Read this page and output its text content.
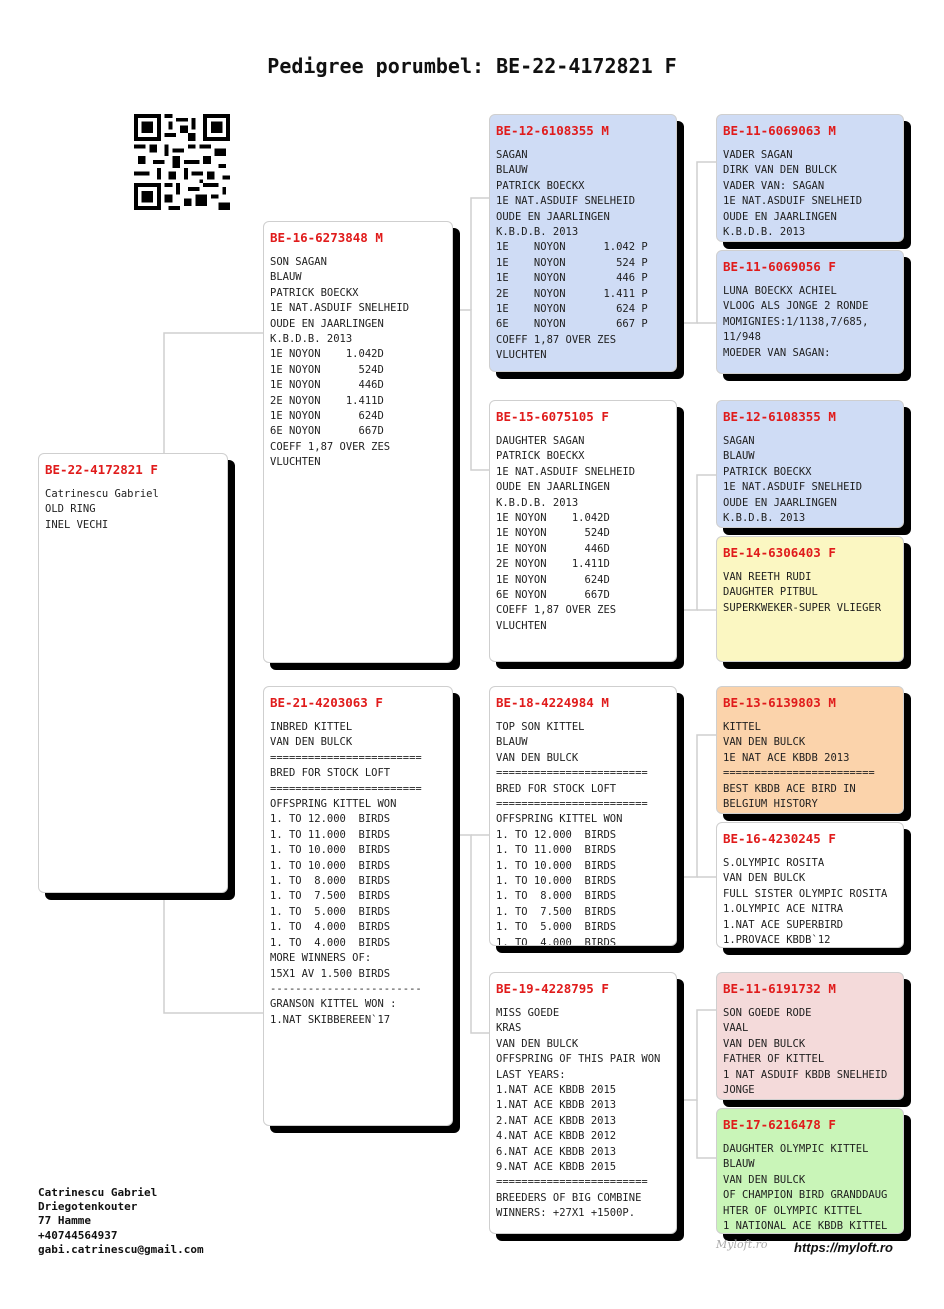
Pedigree porumbel: BE-22-4172821 F
BE-22-4172821 F
Catrinescu Gabriel
OLD RING
INEL VECHI
BE-16-6273848 M
SON SAGAN
BLAUW
PATRICK BOECKX
1E NAT.ASDUIF SNELHEID
OUDE EN JAARLINGEN
K.B.D.B. 2013
1E NOYON    1.042D
1E NOYON      524D
1E NOYON      446D
2E NOYON    1.411D
1E NOYON      624D
6E NOYON      667D
COEFF 1,87 OVER ZES
VLUCHTEN
BE-21-4203063 F
INBRED KITTEL
VAN DEN BULCK
========================
BRED FOR STOCK LOFT
========================
OFFSPRING KITTEL WON
1. TO 12.000  BIRDS
1. TO 11.000  BIRDS
1. TO 10.000  BIRDS
1. TO 10.000  BIRDS
1. TO  8.000  BIRDS
1. TO  7.500  BIRDS
1. TO  5.000  BIRDS
1. TO  4.000  BIRDS
1. TO  4.000  BIRDS
MORE WINNERS OF:
15X1 AV 1.500 BIRDS
------------------------
GRANSON KITTEL WON :
1.NAT SKIBBEREEN`17
BE-12-6108355 M
SAGAN
BLAUW
PATRICK BOECKX
1E NAT.ASDUIF SNELHEID
OUDE EN JAARLINGEN
K.B.D.B. 2013
1E    NOYON      1.042 P
1E    NOYON        524 P
1E    NOYON        446 P
2E    NOYON      1.411 P
1E    NOYON        624 P
6E    NOYON        667 P
COEFF 1,87 OVER ZES
VLUCHTEN
BE-15-6075105 F
DAUGHTER SAGAN
PATRICK BOECKX
1E NAT.ASDUIF SNELHEID
OUDE EN JAARLINGEN
K.B.D.B. 2013
1E NOYON    1.042D
1E NOYON      524D
1E NOYON      446D
2E NOYON    1.411D
1E NOYON      624D
6E NOYON      667D
COEFF 1,87 OVER ZES
VLUCHTEN
BE-18-4224984 M
TOP SON KITTEL
BLAUW
VAN DEN BULCK
========================
BRED FOR STOCK LOFT
========================
OFFSPRING KITTEL WON
1. TO 12.000  BIRDS
1. TO 11.000  BIRDS
1. TO 10.000  BIRDS
1. TO 10.000  BIRDS
1. TO  8.000  BIRDS
1. TO  7.500  BIRDS
1. TO  5.000  BIRDS
1. TO  4.000  BIRDS
BE-19-4228795 F
MISS GOEDE
KRAS
VAN DEN BULCK
OFFSPRING OF THIS PAIR WON
LAST YEARS:
1.NAT ACE KBDB 2015
1.NAT ACE KBDB 2013
2.NAT ACE KBDB 2013
4.NAT ACE KBDB 2012
6.NAT ACE KBDB 2013
9.NAT ACE KBDB 2015
========================
BREEDERS OF BIG COMBINE
WINNERS: +27X1 +1500P.
BE-11-6069063 M
VADER SAGAN
DIRK VAN DEN BULCK
VADER VAN: SAGAN
1E NAT.ASDUIF SNELHEID
OUDE EN JAARLINGEN
K.B.D.B. 2013
BE-11-6069056 F
LUNA BOECKX ACHIEL
VLOOG ALS JONGE 2 RONDE
MOMIGNIES:1/1138,7/685,
11/948
MOEDER VAN SAGAN:
BE-12-6108355 M
SAGAN
BLAUW
PATRICK BOECKX
1E NAT.ASDUIF SNELHEID
OUDE EN JAARLINGEN
K.B.D.B. 2013
BE-14-6306403 F
VAN REETH RUDI
DAUGHTER PITBUL
SUPERKWEKER-SUPER VLIEGER
BE-13-6139803 M
KITTEL
VAN DEN BULCK
1E NAT ACE KBDB 2013
========================
BEST KBDB ACE BIRD IN
BELGIUM HISTORY
BE-16-4230245 F
S.OLYMPIC ROSITA
VAN DEN BULCK
FULL SISTER OLYMPIC ROSITA
1.OLYMPIC ACE NITRA
1.NAT ACE SUPERBIRD
1.PROVACE KBDB`12
BE-11-6191732 M
SON GOEDE RODE
VAAL
VAN DEN BULCK
FATHER OF KITTEL
1 NAT ASDUIF KBDB SNELHEID
JONGE
BE-17-6216478 F
DAUGHTER OLYMPIC KITTEL
BLAUW
VAN DEN BULCK
OF CHAMPION BIRD GRANDDAUG
HTER OF OLYMPIC KITTEL
1 NATIONAL ACE KBDB KITTEL
Catrinescu Gabriel
Driegotenkouter
77 Hamme
+40744564937
gabi.catrinescu@gmail.com	Myloft.ro https://myloft.ro
